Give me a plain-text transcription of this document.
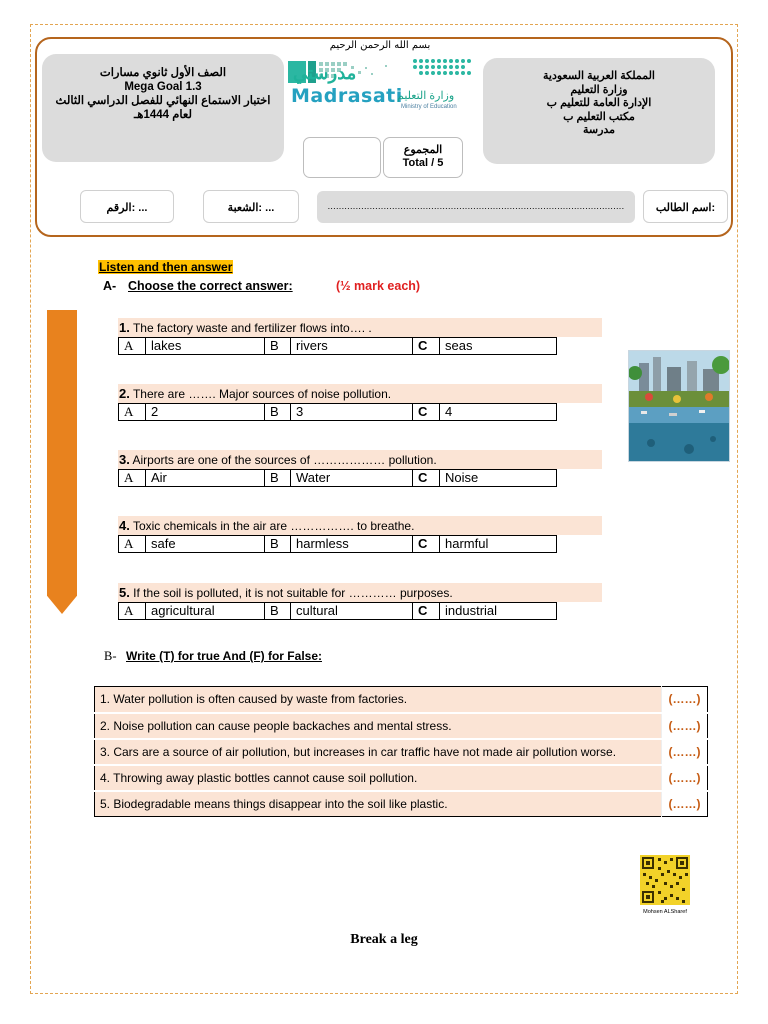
بسم الله الرحمن الرحيم
الصف الأول ثانوي مسارات
Mega Goal 1.3
اختبار الاستماع النهائي للفصل الدراسي الثالث
لعام 1444هـ
مدرستي
Madrasati
وزارة التعليم
Ministry of Education
المملكة العربية السعودية
وزارة التعليم
الإدارة العامة للتعليم ب
مكتب التعليم ب
مدرسة
المجموع
Total / 5
... :الرقم	... :الشعبة	..........................................................................................................	:اسم الطالب
Listen and then answer
A- Choose the correct answer:	(½ mark each)
1. The factory waste and fertilizer flows into…. .
A	lakes	B	rivers	C	seas
2. There are ……. Major sources of noise pollution.
A	2	B	3	C	4
3. Airports are one of the sources of ……………… pollution.
A	Air	B	Water	C	Noise
4. Toxic chemicals in the air are ……………. to breathe.
A	safe	B	harmless	C	harmful
5. If the soil is polluted, it is not suitable for ………… purposes.
A	agricultural	B	cultural	C	industrial
B- Write (T) for true And (F) for False:
1. Water pollution is often caused by waste from factories.	(……)
2. Noise pollution can cause people backaches and mental stress.	(……)
3. Cars are a source of air pollution, but increases in car traffic have not made air pollution worse.	(……)
4. Throwing away plastic bottles cannot cause soil pollution.	(……)
5. Biodegradable means things disappear into the soil like plastic.	(……)
Mohsen ALSharef
Break a leg
